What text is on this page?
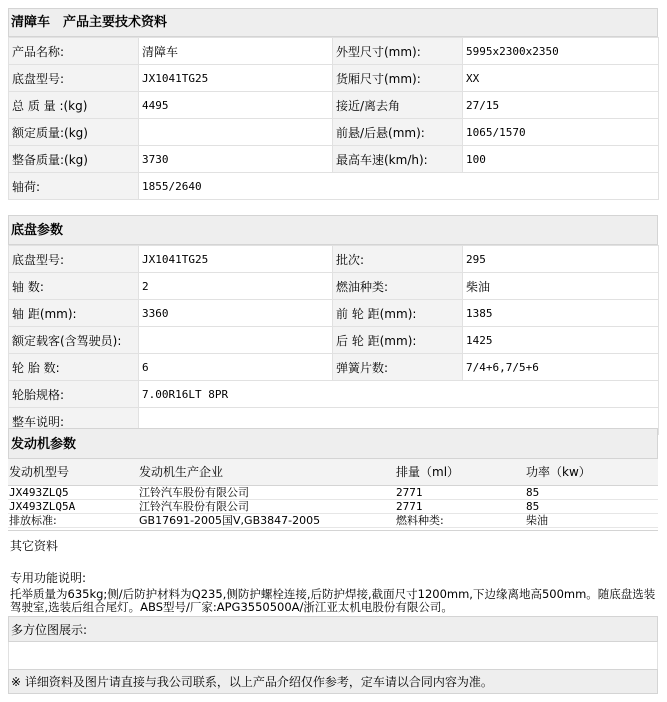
清障车　产品主要技术资料
产品名称:	清障车	外型尺寸(mm):	5995x2300x2350
底盘型号:	JX1041TG25	货厢尺寸(mm):	XX
总 质 量 :(kg)	4495	接近/离去角	27/15
额定质量:(kg)		前悬/后悬(mm):	1065/1570
整备质量:(kg)	3730	最高车速(km/h):	100
轴荷:	1855/2640		
底盘参数
底盘型号:	JX1041TG25	批次:	295
轴 数:	2	燃油种类:	柴油
轴 距(mm):	3360	前 轮 距(mm):	1385
额定载客(含驾驶员):		后 轮 距(mm):	1425
轮 胎 数:	6	弹簧片数:	7/4+6,7/5+6
轮胎规格:	7.00R16LT 8PR		
整车说明:			
发动机参数
发动机型号	发动机生产企业	排量（ml）	功率（kw）
JX493ZLQ5	江铃汽车股份有限公司	2771	85
JX493ZLQ5A	江铃汽车股份有限公司	2771	85
排放标准:	GB17691-2005国Ⅴ,GB3847-2005	燃料种类:	柴油
其它资料
专用功能说明:
托举质量为635kg;侧/后防护材料为Q235,侧防护螺栓连接,后防护焊接,截面尺寸1200mm,下边缘离地高500mm。随底盘选装驾驶室,选装后组合尾灯。ABS型号/厂家:APG3550500A/浙江亚太机电股份有限公司。
多方位图展示:
※ 详细资料及图片请直接与我公司联系，以上产品介绍仅作参考，定车请以合同内容为准。
